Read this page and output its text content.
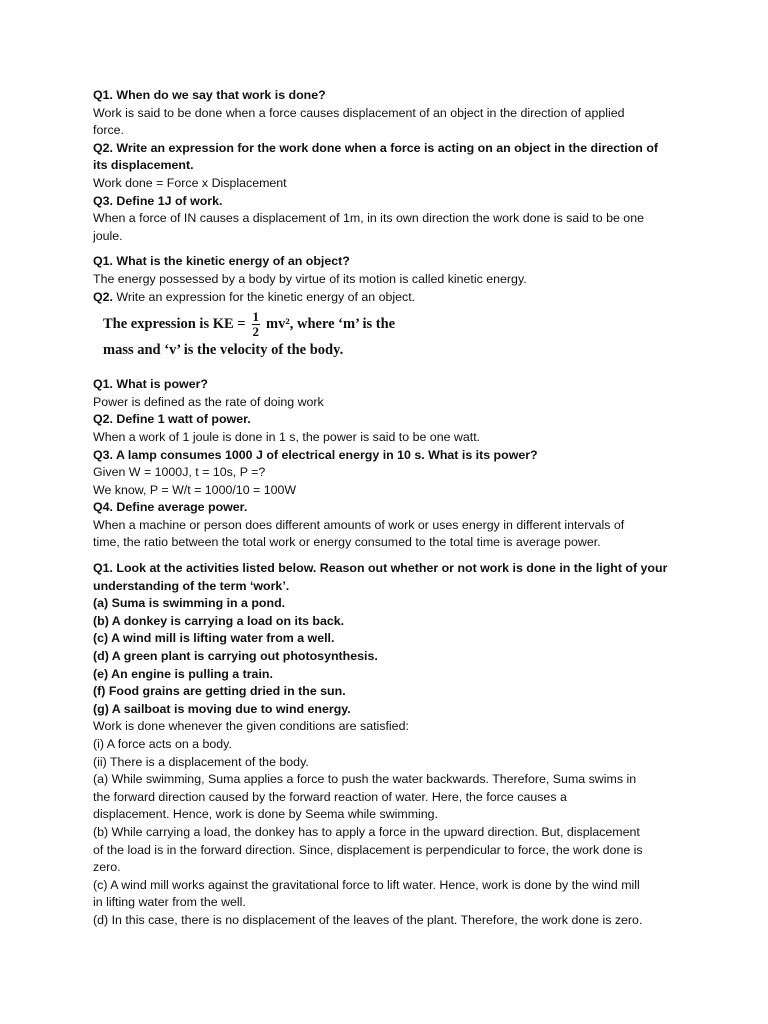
Q1. When do we say that work is done?
Work is said to be done when a force causes displacement of an object in the direction of applied
force.
Q2. Write an expression for the work done when a force is acting on an object in the direction of
its displacement.
Work done = Force x Displacement
Q3. Define 1J of work.
When a force of IN causes a displacement of 1m, in its own direction the work done is said to be one
joule.
Q1. What is the kinetic energy of an object?
The energy possessed by a body by virtue of its motion is called kinetic energy.
Q2. Write an expression for the kinetic energy of an object.
The expression is KE = $\frac{1}{2} mv^2$, where ‘m’ is the
mass and ‘v’ is the velocity of the body.
Q1. What is power?
Power is defined as the rate of doing work
Q2. Define 1 watt of power.
When a work of 1 joule is done in 1 s, the power is said to be one watt.
Q3. A lamp consumes 1000 J of electrical energy in 10 s. What is its power?
Given W = 1000J, t = 10s, P =?
We know, P = W/t = 1000/10 = 100W
Q4. Define average power.
When a machine or person does different amounts of work or uses energy in different intervals of
time, the ratio between the total work or energy consumed to the total time is average power.
Q1. Look at the activities listed below. Reason out whether or not work is done in the light of your
understanding of the term ‘work’.
(a) Suma is swimming in a pond.
(b) A donkey is carrying a load on its back.
(c) A wind mill is lifting water from a well.
(d) A green plant is carrying out photosynthesis.
(e) An engine is pulling a train.
(f) Food grains are getting dried in the sun.
(g) A sailboat is moving due to wind energy.
Work is done whenever the given conditions are satisfied:
(i) A force acts on a body.
(ii) There is a displacement of the body.
(a) While swimming, Suma applies a force to push the water backwards. Therefore, Suma swims in
the forward direction caused by the forward reaction of water. Here, the force causes a
displacement. Hence, work is done by Seema while swimming.
(b) While carrying a load, the donkey has to apply a force in the upward direction. But, displacement
of the load is in the forward direction. Since, displacement is perpendicular to force, the work done is
zero.
(c) A wind mill works against the gravitational force to lift water. Hence, work is done by the wind mill
in lifting water from the well.
(d) In this case, there is no displacement of the leaves of the plant. Therefore, the work done is zero.
